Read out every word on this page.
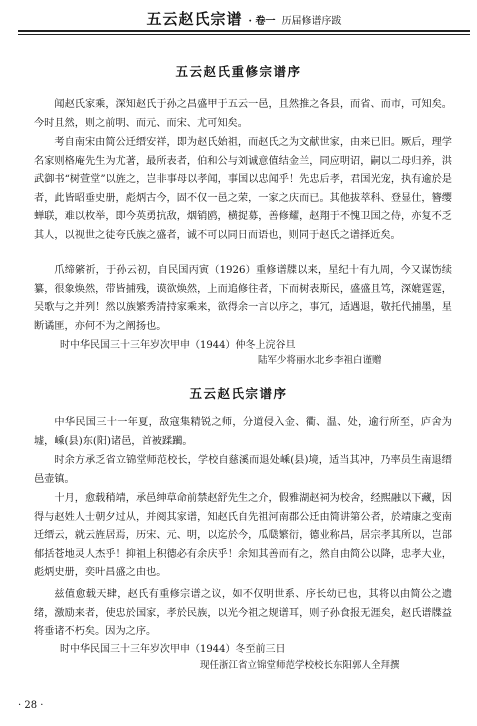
五云赵氏宗谱 · 卷一 历届修谱序跋
五云赵氏重修宗谱序

闻赵氏家乘，深知赵氏于孙之昌盛甲于五云一邑，且然推之各县，而省、而市，可知矣。今时且然，则之前明、而元、而宋、尤可知矣。

考自南宋由简公迁缙安祥，即为赵氏始祖，而赵氏之为文献世家，由来已旧。厥后，理学名家则格庵先生为尤著，最所表者，伯和公与刘诚意值结金兰，同应明诏，嗣以二母归养，洪武御书“树萱堂”以旌之，岂非事母以孝闻，事国以忠闻乎！先忠后孝，君国光宠，执有逾於是者，此皆昭垂史册，彪炳古今，固不仅一邑之荣，一家之庆而已。其他拔萃科、登显仕，簪缨蝉联，难以枚举，即今英勇抗敌，烟销鸥，横捉募，善修耀，赵翔于不愧卫国之侍，亦复不乏其人，以视世之徒夸氏族之盛者，诚不可以同日而语也，则同于赵氏之谱择近矣。

爪缔綮祈，于孙云初，自民国丙寅（1926）重修谱牒以来，星纪十有九周，今又谋饬续纂，很象焕然，带皆捕残，谟欲焕然，上而追修往者，下而树表斯民，盛盛且笃，深媲霆霆，吴歌与之并列！然以族繁秀清持家乘来，欲得余一言以序之，事冗，适遇退，敬托代捕墨，星断谲匪，亦何不为之阐扬也。

时中华民国三十三年岁次甲申（1944）仲冬上浣谷旦
陆军少将丽水北乡李祖白谨赠
五云赵氏宗谱序

中华民国三十一年夏，敌寇集精锐之师，分道侵入金、衢、温、处，逾行所至，庐舍为墟，嵊(县)东(阳)诸邑，首被蹂躏。

时余方承乏省立锦堂师范校长，学校自慈溪而退处嵊(县)境，适当其冲，乃率员生南退缙邑壶镇。

十月，愈载稍靖，承邑绅草命前禁赵舒先生之介，假雅湖赵祠为校舍，经熙融以下藏，因得与赵姓人士朝夕过从，并阅其家谱，知赵氏自先祖河南郡公迁由简讲第公者，於靖康之变南迁缙云，就云旌居焉，历宋、元、明，以迄於今，瓜瓞繁衍，德业称昌，居宗孝其所以，岂部郁括苍地灵人杰乎！抑祖上积德必有余庆乎！余知其善而有之，然自由简公以降，忠孝大业，彪炳史册，奕叶昌盛之由也。

兹值愈载天肆，赵氏有重修宗谱之议，如不仅明世系、序长幼已也，其将以由简公之遗绪，激励来者，使忠於国家，孝於民族，以光今祖之规谱耳，则子孙食报无涯矣，赵氏谱牒益将垂诸不朽矣。因为之序。

时中华民国三十三年岁次甲申（1944）冬至前三日
现任浙江省立锦堂师范学校校长东阳郭人全拜撰
· 28 ·
